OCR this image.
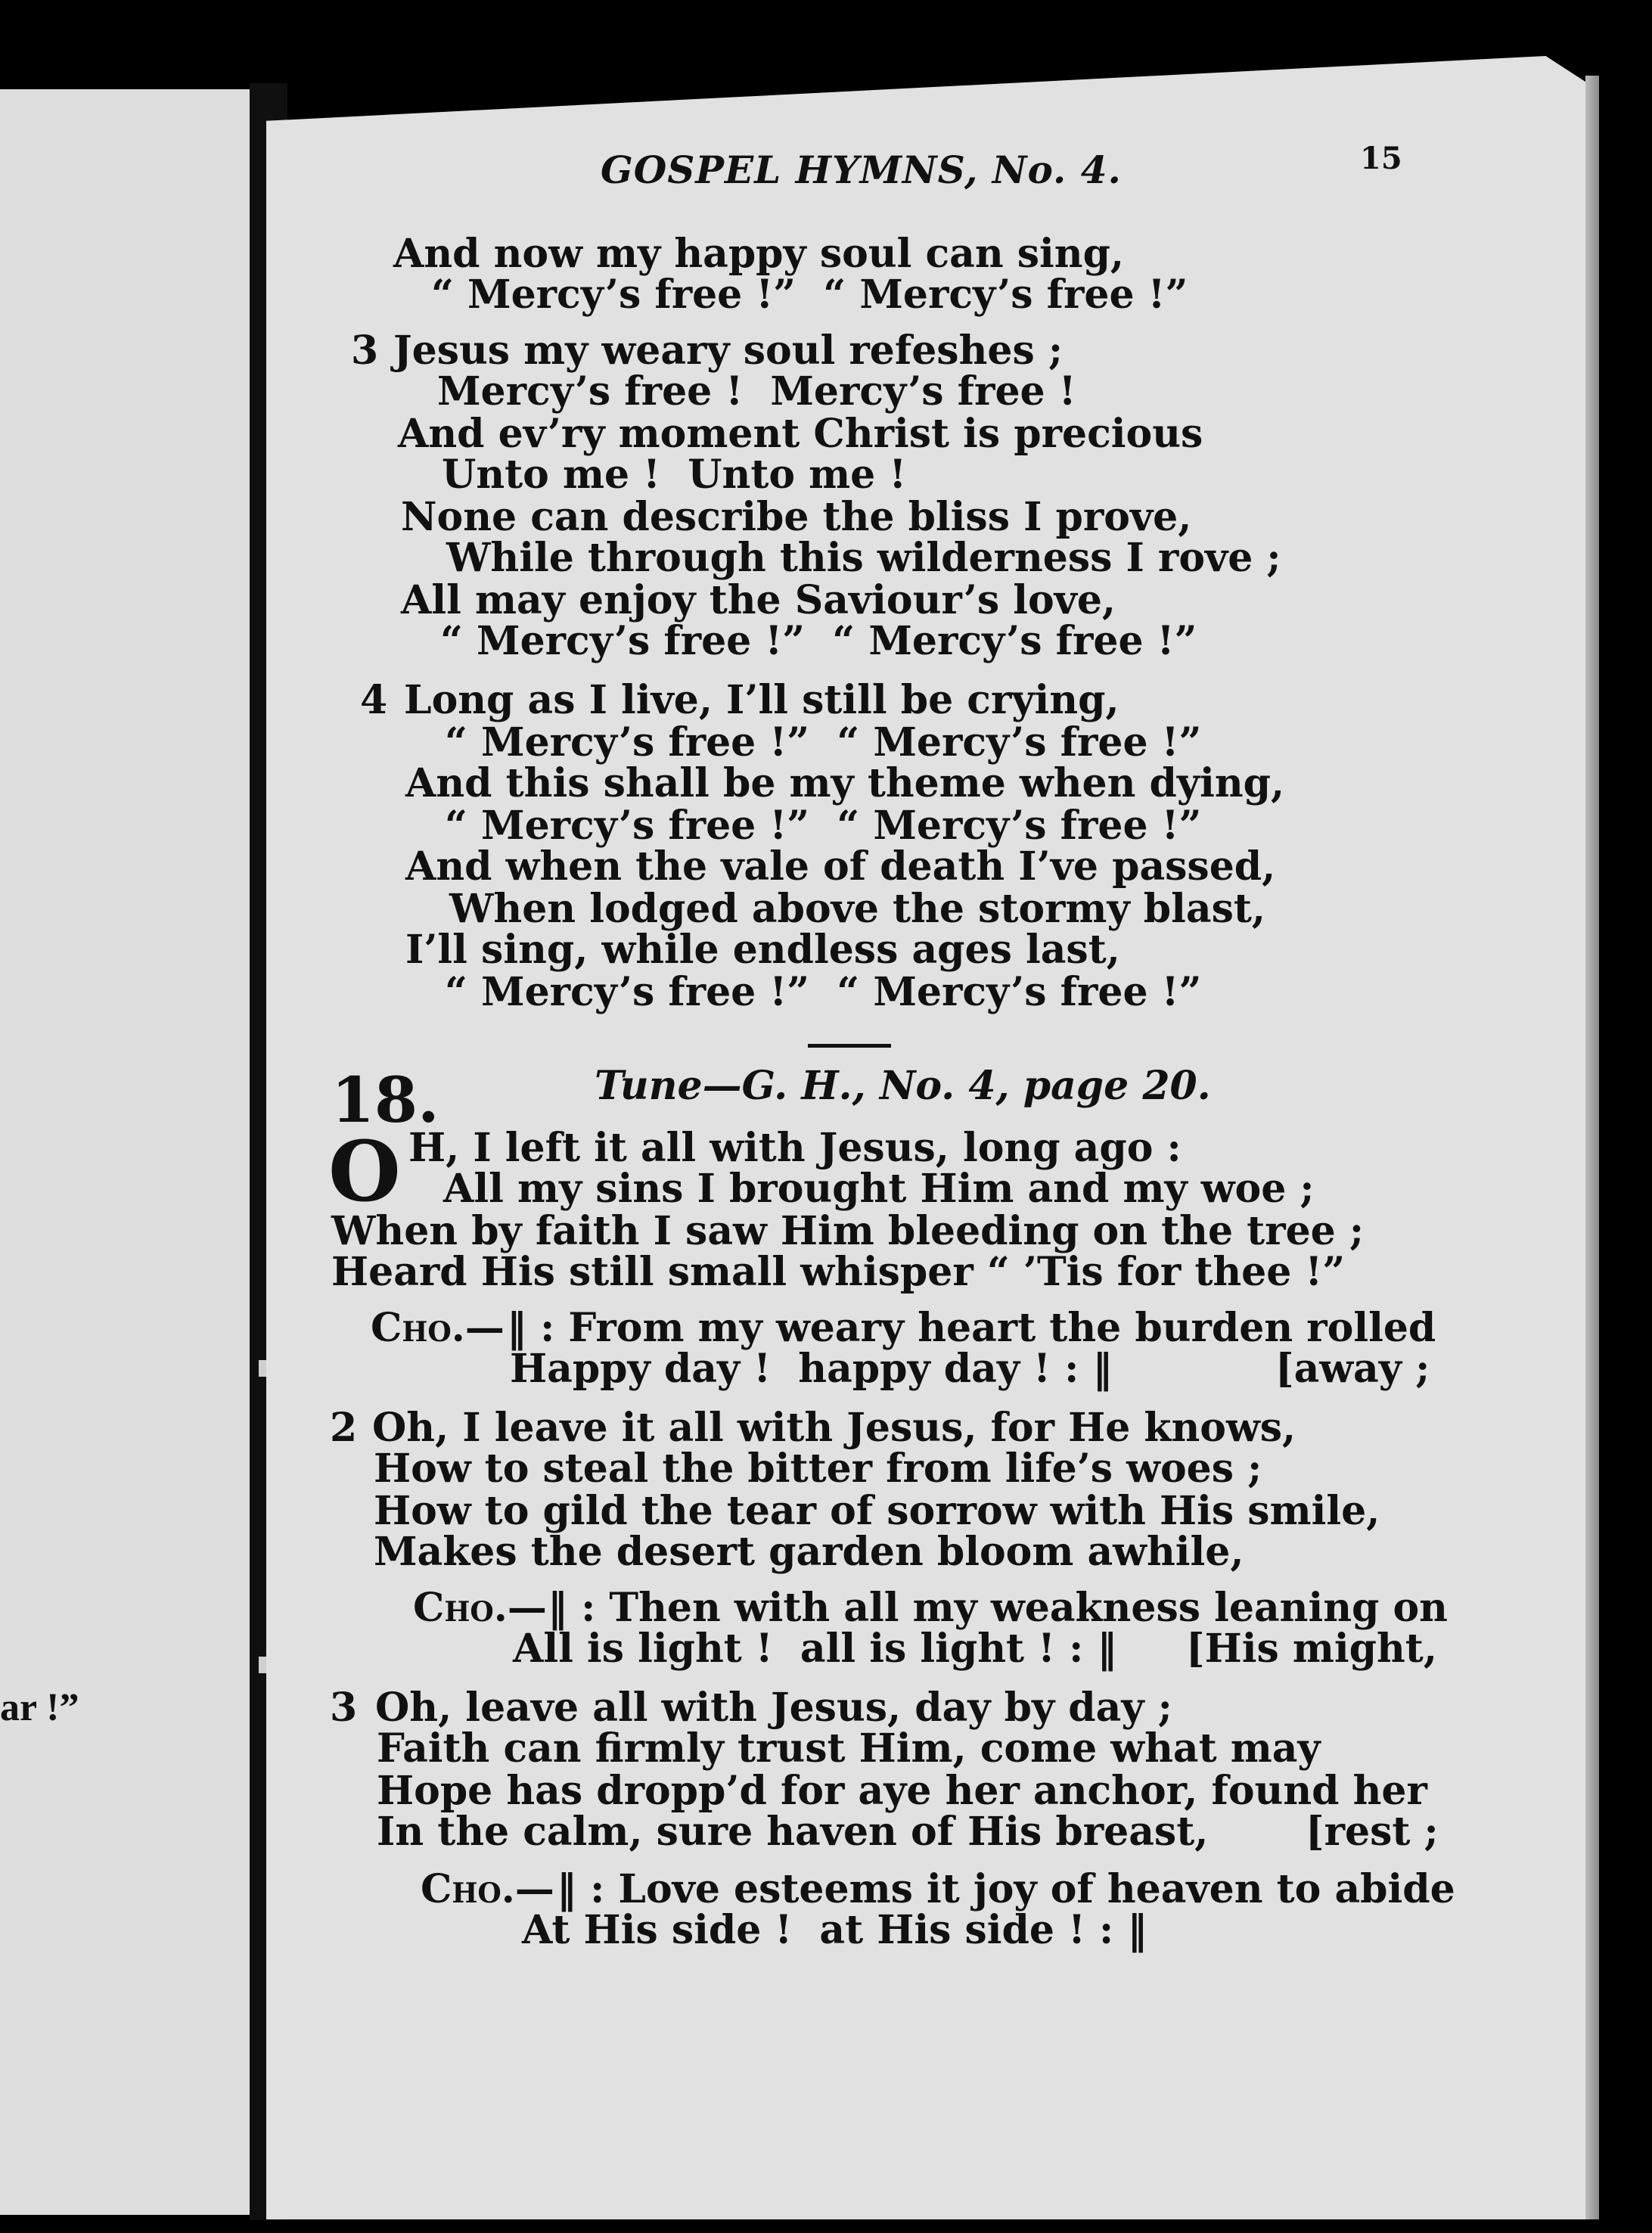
ar !”
GOSPEL HYMNS, No. 4.	15
And now my happy soul can sing,
“ Mercy’s free !”  “ Mercy’s free !”
3 Jesus my weary soul refeshes ;
Mercy’s free !  Mercy’s free !
And ev’ry moment Christ is precious
Unto me !  Unto me !
None can describe the bliss I prove,
While through this wilderness I rove ;
All may enjoy the Saviour’s love,
“ Mercy’s free !”  “ Mercy’s free !”
4 Long as I live, I’ll still be crying,
“ Mercy’s free !”  “ Mercy’s free !”
And this shall be my theme when dying,
“ Mercy’s free !”  “ Mercy’s free !”
And when the vale of death I’ve passed,
When lodged above the stormy blast,
I’ll sing, while endless ages last,
“ Mercy’s free !”  “ Mercy’s free !”
18.	Tune—G. H., No. 4, page 20.
O H, I left it all with Jesus, long ago :
All my sins I brought Him and my woe ;
When by faith I saw Him bleeding on the tree ;
Heard His still small whisper “ ’Tis for thee !”
Cho.— ‖ : From my weary heart the burden rolled
Happy day !  happy day ! : ‖	[away ;
2 Oh, I leave it all with Jesus, for He knows,
How to steal the bitter from life’s woes ;
How to gild the tear of sorrow with His smile,
Makes the desert garden bloom awhile,
Cho.— ‖ : Then with all my weakness leaning on
All is light !  all is light ! : ‖ [His might,
3 Oh, leave all with Jesus, day by day ;
Faith can firmly trust Him, come what may
Hope has dropp’d for aye her anchor, found her
In the calm, sure haven of His breast, [rest ;
Cho.— ‖ : Love esteems it joy of heaven to abide
At His side !  at His side ! : ‖
